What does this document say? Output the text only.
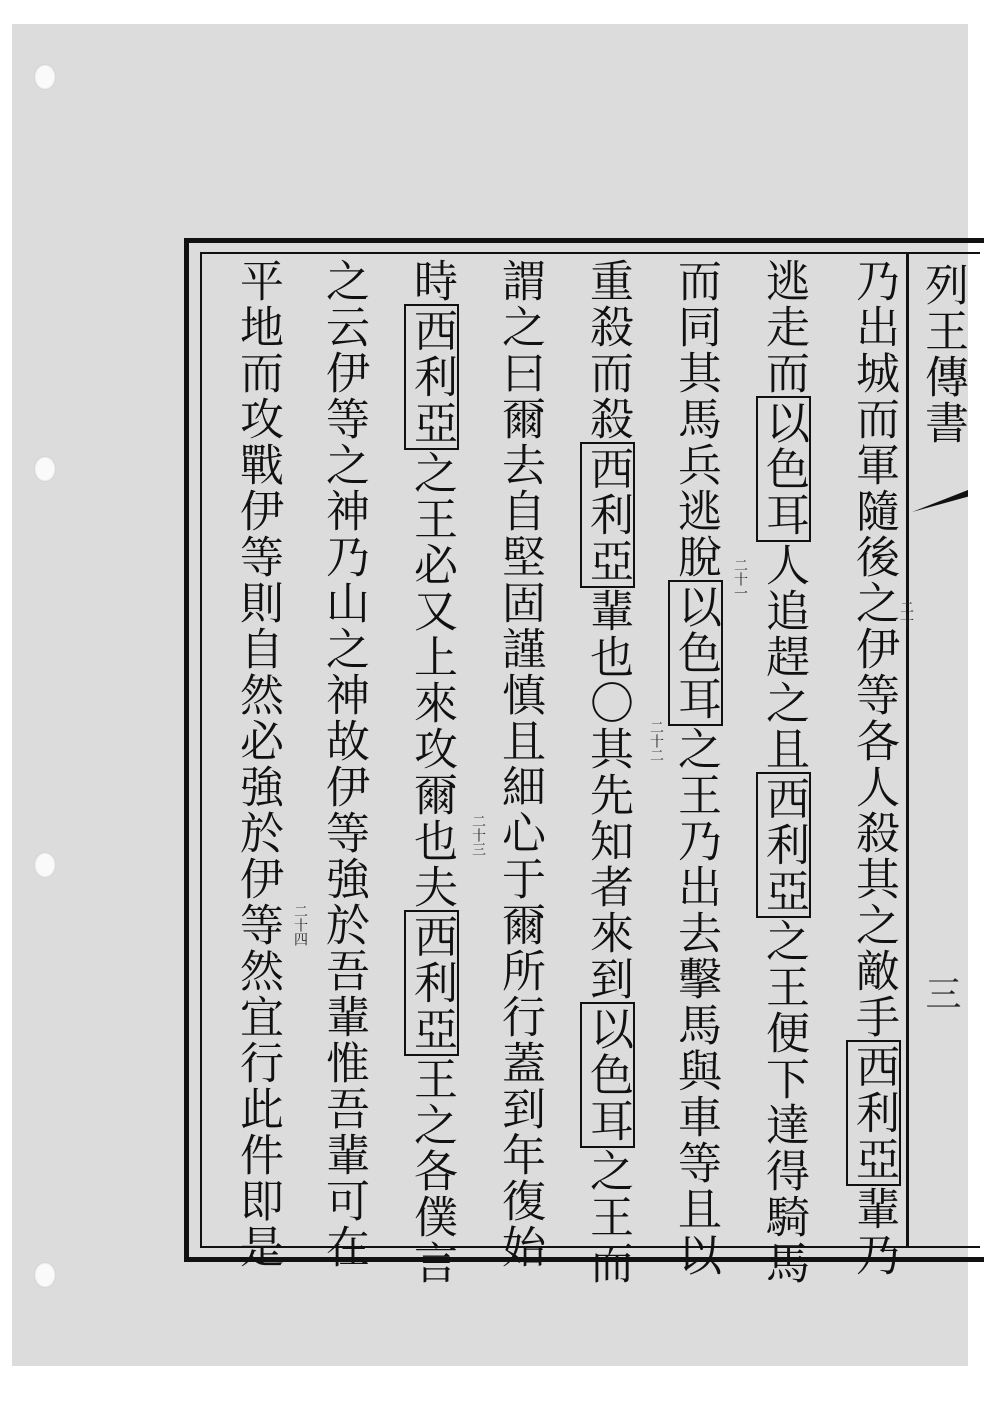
列王傳書
三
乃出城而軍隨後之伊等各人殺其之敵手西利亞輩乃
逃走而以色耳人追趕之且西利亞之王便下達得騎馬
而同其馬兵逃脫以色耳之王乃出去擊馬與車等且以
重殺而殺西利亞輩也〇其先知者來到以色耳之王而
謂之曰爾去自堅固謹慎且細心于爾所行蓋到年復始
時西利亞之王必又上來攻爾也夫西利亞王之各僕言
之云伊等之神乃山之神故伊等強於吾輩惟吾輩可在
平地而攻戰伊等則自然必強於伊等然宜行此件即是	二十
二十一
二十二
二十三
二十四
